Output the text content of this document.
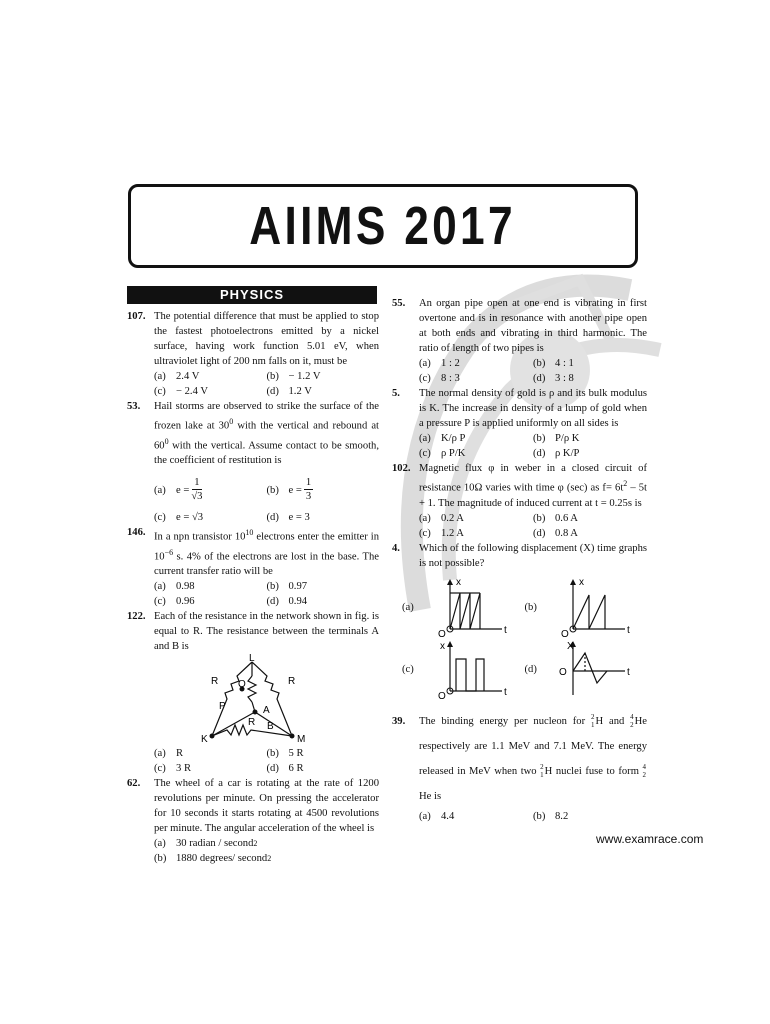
AIIMS 2017
PHYSICS
107. The potential difference that must be applied to stop the fastest photoelectrons emitted by a nickel surface, having work function 5.01 eV, when ultraviolet light of 200 nm falls on it, must be
(a) 2.4 V	(b) − 1.2 V
(c) − 2.4 V	(d) 1.2 V
53. Hail storms are observed to strike the surface of the frozen lake at $30^0$ with the vertical and rebound at $60^0$ with the vertical. Assume contact to be smooth, the coefficient of restitution is
(a) $e = \frac{1}{√3}$	(b) $e = \frac{1}{3}$
(c) e = √3	(d) e = 3
146. In a npn transistor $10^{10}$ electrons enter the emitter in $10^{-6}$ s. 4% of the electrons are lost in the base. The current transfer ratio will be
(a) 0.98	(b) 0.97
(c) 0.96	(d) 0.94
122. Each of the resistance in the network shown in fig. is equal to R. The resistance between the terminals A and B is
L
R	R
P
Q
A
R B
K	M
(a) R	(b) 5 R
(c) 3 R	(d) 6 R
62. The wheel of a car is rotating at the rate of 1200 revolutions per minute. On pressing the accelerator for 10 seconds it starts rotating at 4500 revolutions per minute. The angular acceleration of the wheel is
(a) 30 radian / second 2
(b) 1880 degrees/ second 2
55. An organ pipe open at one end is vibrating in first overtone and is in resonance with another pipe open at both ends and vibrating in third harmonic. The ratio of length of two pipes is
(a) 1 : 2	(b) 4 : 1
(c) 8 : 3	(d) 3 : 8
5. The normal density of gold is ρ and its bulk modulus is K. The increase in density of a lump of gold when a pressure P is applied uniformly on all sides is
(a) K/ρ P	(b) P/ρ K
(c) ρ P/K	(d) ρ K/P
102. Magnetic flux φ in weber in a closed circuit of resistance 10Ω varies with time φ (sec) as $f= 6t^2 - 5t + 1$. The magnitude of induced current at t = 0.25s is
(a) 0.2 A	(b) 0.6 A
(c) 1.2 A	(d) 0.8 A
4. Which of the following displacement (X) time graphs is not possible?
(a)
x
t
O
(b)
x
t
O
(c)
x
t
O
(d)
X
t
O
39. The binding energy per nucleon for 2
1 H and 4
2 He respectively are 1.1 MeV and 7.1 MeV. The energy released in MeV when two 2
1 H nuclei fuse to form 4
2
He is
(a) 4.4	(b) 8.2
www.examrace.com
